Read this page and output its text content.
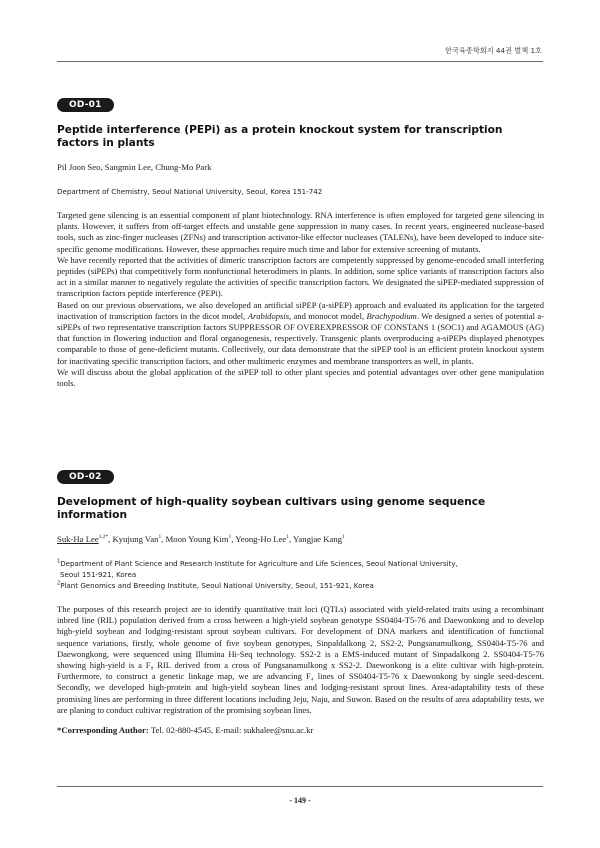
한국육종학회지 44권 별책 1호
OD-01
Peptide interference (PEPi) as a protein knockout system for transcription factors in plants
Pil Joon Seo, Sangmin Lee, Chung-Mo Park
Department of Chemistry, Seoul National University, Seoul, Korea 151-742

Targeted gene silencing is an essential component of plant biotechnology. RNA interference is often employed for targeted gene silencing in plants. However, it suffers from off-target effects and unstable gene suppression in many cases. In recent years, engineered nuclease-based tools, such as zinc-finger nucleases (ZFNs) and transcription activator-like effector nucleases (TALENs), have been developed to induce site-specific genome modifications. However, these approaches require much time and labor for extensive screening of mutants.

We have recently reported that the activities of dimeric transcription factors are competently suppressed by genome-encoded small interfering peptides (siPEPs) that competitively form nonfunctional heterodimers in plants. In addition, some splice variants of transcription factors also act in a similar manner to negatively regulate the activities of specific transcription factors. We designated the siPEP-mediated suppression of transcription factors peptide interference (PEPi).

Based on our previous observations, we also developed an artificial siPEP (a-siPEP) approach and evaluated its application for the targeted inactivation of transcription factors in the dicot model, Arabidopsis, and monocot model, Brachypodium. We designed a series of potential a-siPEPs of two representative transcription factors SUPPRESSOR OF OVEREXPRESSOR OF CONSTANS 1 (SOC1) and AGAMOUS (AG) that function in flowering induction and floral organogenesis, respectively. Transgenic plants overproducing a-siPEPs displayed phenotypes comparable to those of gene-deficient mutants. Collectively, our data demonstrate that the siPEP tool is an efficient protein knockout system for inactivating specific transcription factors, and other multimeric enzymes and membrane transporters as well, in plants.

We will discuss about the global application of the siPEP toll to other plant species and potential advantages over other gene manipulation tools.

OD-02
Development of high-quality soybean cultivars using genome sequence information
Suk-Ha Lee$^{1,2*}$, Kyujung Van$^1$, Moon Young Kim$^1$, Yeong-Ho Lee$^1$, Yangjae Kang$^1$
$^1$Department of Plant Science and Research Institute for Agriculture and Life Sciences, Seoul National University,
Seoul 151-921, Korea
$^2$Plant Genomics and Breeding Institute, Seoul National University, Seoul, 151-921, Korea

The purposes of this research project are to identify quantitative trait loci (QTLs) associated with yield-related traits using a recombinant inbred line (RIL) population derived from a cross between a high-yield soybean genotype SS0404-T5-76 and Daewonkong and to develop high-yield soybean and lodging-resistant sprout soybean cultivars. For development of DNA markers and identification of functional sequence variations, firstly, whole genome of five soybean genotypes, Sinpaldalkong 2, SS2-2, Pungsanamulkong, SS0404-T5-76 and Daewongkong, were sequenced using Illumina Hi-Seq technology. SS2-2 is a EMS-induced mutant of Sinpadalkong 2. SS0404-T5-76 showing high-yield is a F₈ RIL derived from a cross of Pungsanamulkong x SS2-2. Daewonkong is a elite cultivar with high-protein. Furthermore, to construct a genetic linkage map, we are advancing F₄ lines of SS0404-T5-76 x Daewonkong by single seed-descent. Secondly, we developed high-protein and high-yield soybean lines and lodging-resistant sprout lines. Area-adaptability tests of these promising lines are performing in three different locations including Jeju, Naju, and Suwon. Based on the results of area adaptability tests, we are planing to conduct cultivar registration of the promising soybean lines.

*Corresponding Author: Tel. 02-880-4545, E-mail: sukhalee@snu.ac.kr
- 149 -
